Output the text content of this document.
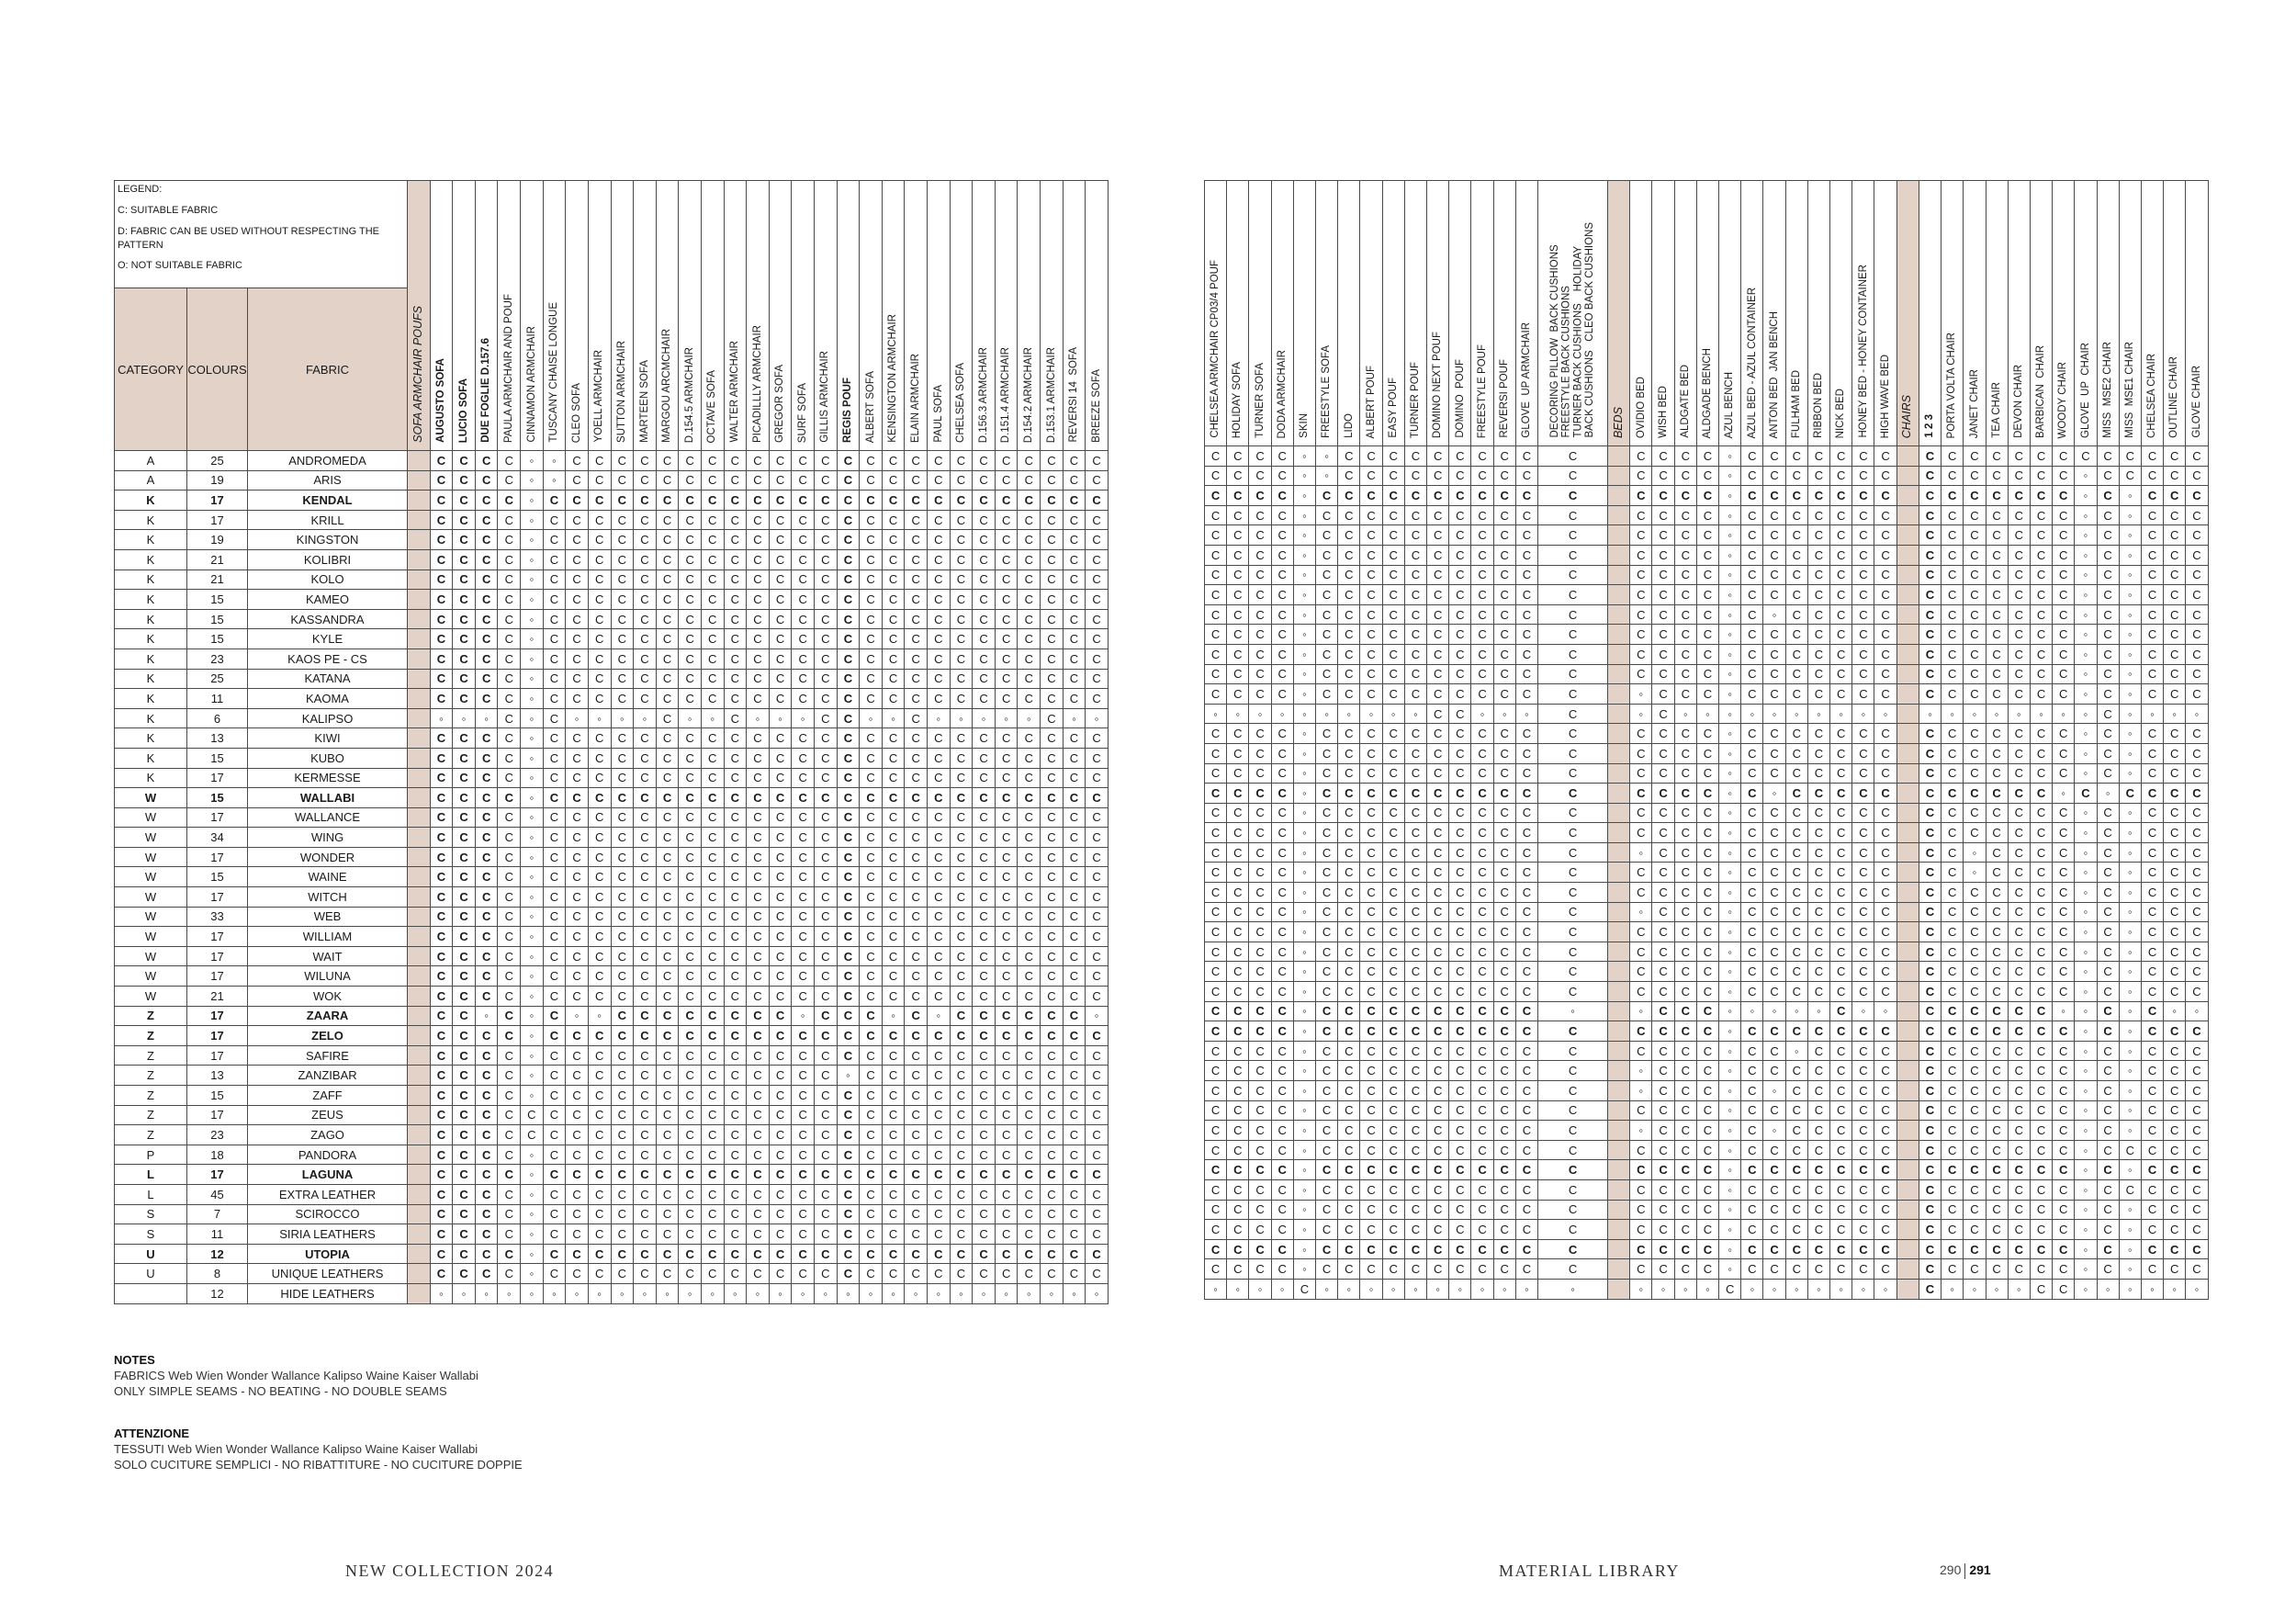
LEGEND:
C: SUITABLE FABRIC
D: FABRIC CAN BE USED WITHOUT RESPECTING THE PATTERN
O: NOT SUITABLE FABRIC			SOFA ARMCHAIR POUFS	AUGUSTO SOFA	LUCIO SOFA	DUE FOGLIE D.157.6	PAULA ARMCHAIR AND POUF	CINNAMON ARMCHAIR	TUSCANY CHAISE LONGUE	CLEO SOFA	YOELL ARMCHAIR	SUTTON ARMCHAIR	MARTEEN SOFA	MARGOU ARCMCHAIR	D.154.5 ARMCHAIR	OCTAVE SOFA	WALTER ARMCHAIR	PICADILLLY ARMCHAIR	GREGOR SOFA	SURF SOFA	GILLIS ARMCHAIR	REGIS POUF	ALBERT SOFA	KENSINGTON ARMCHAIR	ELAIN ARMCHAIR	PAUL SOFA	CHELSEA SOFA	D.156.3 ARMCHAIR	D.151.4 ARMCHAIR	D.154.2 ARMCHAIR	D.153.1 ARMCHAIR	REVERSI 14  SOFA	BREEZE SOFA
CATEGORY	COLOURS	FABRIC																															
A	25	ANDROMEDA		C	C	C	C	◦	◦	C	C	C	C	C	C	C	C	C	C	C	C	C	C	C	C	C	C	C	C	C	C	C	C
A	19	ARIS		C	C	C	C	◦	◦	C	C	C	C	C	C	C	C	C	C	C	C	C	C	C	C	C	C	C	C	C	C	C	C
K	17	KENDAL		C	C	C	C	◦	C	C	C	C	C	C	C	C	C	C	C	C	C	C	C	C	C	C	C	C	C	C	C	C	C
K	17	KRILL		C	C	C	C	◦	C	C	C	C	C	C	C	C	C	C	C	C	C	C	C	C	C	C	C	C	C	C	C	C	C
K	19	KINGSTON		C	C	C	C	◦	C	C	C	C	C	C	C	C	C	C	C	C	C	C	C	C	C	C	C	C	C	C	C	C	C
K	21	KOLIBRI		C	C	C	C	◦	C	C	C	C	C	C	C	C	C	C	C	C	C	C	C	C	C	C	C	C	C	C	C	C	C
K	21	KOLO		C	C	C	C	◦	C	C	C	C	C	C	C	C	C	C	C	C	C	C	C	C	C	C	C	C	C	C	C	C	C
K	15	KAMEO		C	C	C	C	◦	C	C	C	C	C	C	C	C	C	C	C	C	C	C	C	C	C	C	C	C	C	C	C	C	C
K	15	KASSANDRA		C	C	C	C	◦	C	C	C	C	C	C	C	C	C	C	C	C	C	C	C	C	C	C	C	C	C	C	C	C	C
K	15	KYLE		C	C	C	C	◦	C	C	C	C	C	C	C	C	C	C	C	C	C	C	C	C	C	C	C	C	C	C	C	C	C
K	23	KAOS PE - CS		C	C	C	C	◦	C	C	C	C	C	C	C	C	C	C	C	C	C	C	C	C	C	C	C	C	C	C	C	C	C
K	25	KATANA		C	C	C	C	◦	C	C	C	C	C	C	C	C	C	C	C	C	C	C	C	C	C	C	C	C	C	C	C	C	C
K	11	KAOMA		C	C	C	C	◦	C	C	C	C	C	C	C	C	C	C	C	C	C	C	C	C	C	C	C	C	C	C	C	C	C
K	6	KALIPSO		◦	◦	◦	C	◦	C	◦	◦	◦	◦	C	◦	◦	C	◦	◦	◦	C	C	◦	◦	C	◦	◦	◦	◦	◦	C	◦	◦
K	13	KIWI		C	C	C	C	◦	C	C	C	C	C	C	C	C	C	C	C	C	C	C	C	C	C	C	C	C	C	C	C	C	C
K	15	KUBO		C	C	C	C	◦	C	C	C	C	C	C	C	C	C	C	C	C	C	C	C	C	C	C	C	C	C	C	C	C	C
K	17	KERMESSE		C	C	C	C	◦	C	C	C	C	C	C	C	C	C	C	C	C	C	C	C	C	C	C	C	C	C	C	C	C	C
W	15	WALLABI		C	C	C	C	◦	C	C	C	C	C	C	C	C	C	C	C	C	C	C	C	C	C	C	C	C	C	C	C	C	C
W	17	WALLANCE		C	C	C	C	◦	C	C	C	C	C	C	C	C	C	C	C	C	C	C	C	C	C	C	C	C	C	C	C	C	C
W	34	WING		C	C	C	C	◦	C	C	C	C	C	C	C	C	C	C	C	C	C	C	C	C	C	C	C	C	C	C	C	C	C
W	17	WONDER		C	C	C	C	◦	C	C	C	C	C	C	C	C	C	C	C	C	C	C	C	C	C	C	C	C	C	C	C	C	C
W	15	WAINE		C	C	C	C	◦	C	C	C	C	C	C	C	C	C	C	C	C	C	C	C	C	C	C	C	C	C	C	C	C	C
W	17	WITCH		C	C	C	C	◦	C	C	C	C	C	C	C	C	C	C	C	C	C	C	C	C	C	C	C	C	C	C	C	C	C
W	33	WEB		C	C	C	C	◦	C	C	C	C	C	C	C	C	C	C	C	C	C	C	C	C	C	C	C	C	C	C	C	C	C
W	17	WILLIAM		C	C	C	C	◦	C	C	C	C	C	C	C	C	C	C	C	C	C	C	C	C	C	C	C	C	C	C	C	C	C
W	17	WAIT		C	C	C	C	◦	C	C	C	C	C	C	C	C	C	C	C	C	C	C	C	C	C	C	C	C	C	C	C	C	C
W	17	WILUNA		C	C	C	C	◦	C	C	C	C	C	C	C	C	C	C	C	C	C	C	C	C	C	C	C	C	C	C	C	C	C
W	21	WOK		C	C	C	C	◦	C	C	C	C	C	C	C	C	C	C	C	C	C	C	C	C	C	C	C	C	C	C	C	C	C
Z	17	ZAARA		C	C	◦	C	◦	C	◦	◦	C	C	C	C	C	C	C	C	◦	C	C	C	◦	C	◦	C	C	C	C	C	C	◦
Z	17	ZELO		C	C	C	C	◦	C	C	C	C	C	C	C	C	C	C	C	C	C	C	C	C	C	C	C	C	C	C	C	C	C
Z	17	SAFIRE		C	C	C	C	◦	C	C	C	C	C	C	C	C	C	C	C	C	C	C	C	C	C	C	C	C	C	C	C	C	C
Z	13	ZANZIBAR		C	C	C	C	◦	C	C	C	C	C	C	C	C	C	C	C	C	C	◦	C	C	C	C	C	C	C	C	C	C	C
Z	15	ZAFF		C	C	C	C	◦	C	C	C	C	C	C	C	C	C	C	C	C	C	C	C	C	C	C	C	C	C	C	C	C	C
Z	17	ZEUS		C	C	C	C	C	C	C	C	C	C	C	C	C	C	C	C	C	C	C	C	C	C	C	C	C	C	C	C	C	C
Z	23	ZAGO		C	C	C	C	C	C	C	C	C	C	C	C	C	C	C	C	C	C	C	C	C	C	C	C	C	C	C	C	C	C
P	18	PANDORA		C	C	C	C	◦	C	C	C	C	C	C	C	C	C	C	C	C	C	C	C	C	C	C	C	C	C	C	C	C	C
L	17	LAGUNA		C	C	C	C	◦	C	C	C	C	C	C	C	C	C	C	C	C	C	C	C	C	C	C	C	C	C	C	C	C	C
L	45	EXTRA LEATHER		C	C	C	C	◦	C	C	C	C	C	C	C	C	C	C	C	C	C	C	C	C	C	C	C	C	C	C	C	C	C
S	7	SCIROCCO		C	C	C	C	◦	C	C	C	C	C	C	C	C	C	C	C	C	C	C	C	C	C	C	C	C	C	C	C	C	C
S	11	SIRIA LEATHERS		C	C	C	C	◦	C	C	C	C	C	C	C	C	C	C	C	C	C	C	C	C	C	C	C	C	C	C	C	C	C
U	12	UTOPIA		C	C	C	C	◦	C	C	C	C	C	C	C	C	C	C	C	C	C	C	C	C	C	C	C	C	C	C	C	C	C
U	8	UNIQUE LEATHERS		C	C	C	C	◦	C	C	C	C	C	C	C	C	C	C	C	C	C	C	C	C	C	C	C	C	C	C	C	C	C
	12	HIDE LEATHERS		◦	◦	◦	◦	◦	◦	◦	◦	◦	◦	◦	◦	◦	◦	◦	◦	◦	◦	◦	◦	◦	◦	◦	◦	◦	◦	◦	◦	◦	◦
CHELSEA ARMCHAIR CP03/4 POUF	HOLIDAY SOFA	TURNER SOFA	DODA ARMCHAIR	SKIN	FREESTYLE SOFA	LIDO	ALBERT POUF	EASY POUF	TURNER POUF	DOMINO NEXT POUF	DOMINO  POUF	FREESTYLE POUF	REVERSI POUF	GLOVE  UP ARMCHAIR	DECORING PILLOW  BACK CUSHIONS
FREESTYLE BACK CUSHIONS
TURNER BACK CUSHIONS    HOLIDAY
BACK CUSHIONS   CLEO BACK CUSHIONS	BEDS	OVIDIO BED	WISH BED	ALDGATE BED	ALDGADE BENCH	AZUL BENCH	AZUL BED - AZUL CONTAINER	ANTON BED  JAN BENCH	FULHAM BED	RIBBON BED	NICK BED	HONEY BED - HONEY CONTAINER	HIGH WAVE BED	CHAIRS	1 2 3	PORTA VOLTA CHAIR	JANET CHAIR	TEA CHAIR	DEVON CHAIR	BARBICAN  CHAIR	WOODY CHAIR	GLOVE  UP  CHAIR	MISS  MSE2 CHAIR	MISS  MSE1 CHAIR	CHELSEA CHAIR	OUTLINE CHAIR	GLOVE CHAIR
C	C	C	C	◦	◦	C	C	C	C	C	C	C	C	C	C		C	C	C	C	◦	C	C	C	C	C	C	C		C	C	C	C	C	C	C	C	C	C	C	C	C
C	C	C	C	◦	◦	C	C	C	C	C	C	C	C	C	C		C	C	C	C	◦	C	C	C	C	C	C	C		C	C	C	C	C	C	C	◦	C	C	C	C	C
C	C	C	C	◦	C	C	C	C	C	C	C	C	C	C	C		C	C	C	C	◦	C	C	C	C	C	C	C		C	C	C	C	C	C	C	◦	C	◦	C	C	C
C	C	C	C	◦	C	C	C	C	C	C	C	C	C	C	C		C	C	C	C	◦	C	C	C	C	C	C	C		C	C	C	C	C	C	C	◦	C	◦	C	C	C
C	C	C	C	◦	C	C	C	C	C	C	C	C	C	C	C		C	C	C	C	◦	C	C	C	C	C	C	C		C	C	C	C	C	C	C	◦	C	◦	C	C	C
C	C	C	C	◦	C	C	C	C	C	C	C	C	C	C	C		C	C	C	C	◦	C	C	C	C	C	C	C		C	C	C	C	C	C	C	◦	C	◦	C	C	C
C	C	C	C	◦	C	C	C	C	C	C	C	C	C	C	C		C	C	C	C	◦	C	C	C	C	C	C	C		C	C	C	C	C	C	C	◦	C	◦	C	C	C
C	C	C	C	◦	C	C	C	C	C	C	C	C	C	C	C		C	C	C	C	◦	C	C	C	C	C	C	C		C	C	C	C	C	C	C	◦	C	◦	C	C	C
C	C	C	C	◦	C	C	C	C	C	C	C	C	C	C	C		C	C	C	C	◦	C	◦	C	C	C	C	C		C	C	C	C	C	C	C	◦	C	◦	C	C	C
C	C	C	C	◦	C	C	C	C	C	C	C	C	C	C	C		C	C	C	C	◦	C	C	C	C	C	C	C		C	C	C	C	C	C	C	◦	C	◦	C	C	C
C	C	C	C	◦	C	C	C	C	C	C	C	C	C	C	C		C	C	C	C	◦	C	C	C	C	C	C	C		C	C	C	C	C	C	C	◦	C	◦	C	C	C
C	C	C	C	◦	C	C	C	C	C	C	C	C	C	C	C		C	C	C	C	◦	C	C	C	C	C	C	C		C	C	C	C	C	C	C	◦	C	◦	C	C	C
C	C	C	C	◦	C	C	C	C	C	C	C	C	C	C	C		◦	C	C	C	◦	C	C	C	C	C	C	C		C	C	C	C	C	C	C	◦	C	◦	C	C	C
◦	◦	◦	◦	◦	◦	◦	◦	◦	◦	C	C	◦	◦	◦	C		◦	C	◦	◦	◦	◦	◦	◦	◦	◦	◦	◦		◦	◦	◦	◦	◦	◦	◦	◦	C	◦	◦	◦	◦
C	C	C	C	◦	C	C	C	C	C	C	C	C	C	C	C		C	C	C	C	◦	C	C	C	C	C	C	C		C	C	C	C	C	C	C	◦	C	◦	C	C	C
C	C	C	C	◦	C	C	C	C	C	C	C	C	C	C	C		C	C	C	C	◦	C	C	C	C	C	C	C		C	C	C	C	C	C	C	◦	C	◦	C	C	C
C	C	C	C	◦	C	C	C	C	C	C	C	C	C	C	C		C	C	C	C	◦	C	C	C	C	C	C	C		C	C	C	C	C	C	C	◦	C	◦	C	C	C
C	C	C	C	◦	C	C	C	C	C	C	C	C	C	C	C		C	C	C	C	◦	C	◦	C	C	C	C	C		C	C	C	C	C	C	◦	C	◦	C	C	C	C
C	C	C	C	◦	C	C	C	C	C	C	C	C	C	C	C		C	C	C	C	◦	C	C	C	C	C	C	C		C	C	C	C	C	C	C	◦	C	◦	C	C	C
C	C	C	C	◦	C	C	C	C	C	C	C	C	C	C	C		C	C	C	C	◦	C	C	C	C	C	C	C		C	C	C	C	C	C	C	◦	C	◦	C	C	C
C	C	C	C	◦	C	C	C	C	C	C	C	C	C	C	C		◦	C	C	C	◦	C	C	C	C	C	C	C		C	C	◦	C	C	C	C	◦	C	◦	C	C	C
C	C	C	C	◦	C	C	C	C	C	C	C	C	C	C	C		C	C	C	C	◦	C	C	C	C	C	C	C		C	C	◦	C	C	C	C	◦	C	◦	C	C	C
C	C	C	C	◦	C	C	C	C	C	C	C	C	C	C	C		C	C	C	C	◦	C	C	C	C	C	C	C		C	C	C	C	C	C	C	◦	C	◦	C	C	C
C	C	C	C	◦	C	C	C	C	C	C	C	C	C	C	C		◦	C	C	C	◦	C	C	C	C	C	C	C		C	C	C	C	C	C	C	◦	C	◦	C	C	C
C	C	C	C	◦	C	C	C	C	C	C	C	C	C	C	C		C	C	C	C	◦	C	C	C	C	C	C	C		C	C	C	C	C	C	C	◦	C	◦	C	C	C
C	C	C	C	◦	C	C	C	C	C	C	C	C	C	C	C		C	C	C	C	◦	C	C	C	C	C	C	C		C	C	C	C	C	C	C	◦	C	◦	C	C	C
C	C	C	C	◦	C	C	C	C	C	C	C	C	C	C	C		C	C	C	C	◦	C	C	C	C	C	C	C		C	C	C	C	C	C	C	◦	C	◦	C	C	C
C	C	C	C	◦	C	C	C	C	C	C	C	C	C	C	C		C	C	C	C	◦	C	C	C	C	C	C	C		C	C	C	C	C	C	C	◦	C	◦	C	C	C
C	C	C	C	◦	C	C	C	C	C	C	C	C	C	C	◦		◦	C	C	C	◦	◦	◦	◦	◦	C	◦	◦		C	C	C	C	C	C	◦	◦	C	◦	C	◦	◦
C	C	C	C	◦	C	C	C	C	C	C	C	C	C	C	C		C	C	C	C	◦	C	C	C	C	C	C	C		C	C	C	C	C	C	C	◦	C	◦	C	C	C
C	C	C	C	◦	C	C	C	C	C	C	C	C	C	C	C		C	C	C	C	◦	C	C	◦	C	C	C	C		C	C	C	C	C	C	C	◦	C	◦	C	C	C
C	C	C	C	◦	C	C	C	C	C	C	C	C	C	C	C		◦	C	C	C	◦	C	C	C	C	C	C	C		C	C	C	C	C	C	C	◦	C	◦	C	C	C
C	C	C	C	◦	C	C	C	C	C	C	C	C	C	C	C		◦	C	C	C	◦	C	◦	C	C	C	C	C		C	C	C	C	C	C	C	◦	C	◦	C	C	C
C	C	C	C	◦	C	C	C	C	C	C	C	C	C	C	C		C	C	C	C	◦	C	C	C	C	C	C	C		C	C	C	C	C	C	C	◦	C	◦	C	C	C
C	C	C	C	◦	C	C	C	C	C	C	C	C	C	C	C		◦	C	C	C	◦	C	◦	C	C	C	C	C		C	C	C	C	C	C	C	◦	C	◦	C	C	C
C	C	C	C	◦	C	C	C	C	C	C	C	C	C	C	C		C	C	C	C	◦	C	C	C	C	C	C	C		C	C	C	C	C	C	C	◦	C	C	C	C	C
C	C	C	C	◦	C	C	C	C	C	C	C	C	C	C	C		C	C	C	C	◦	C	C	C	C	C	C	C		C	C	C	C	C	C	C	◦	C	◦	C	C	C
C	C	C	C	◦	C	C	C	C	C	C	C	C	C	C	C		C	C	C	C	◦	C	C	C	C	C	C	C		C	C	C	C	C	C	C	◦	C	C	C	C	C
C	C	C	C	◦	C	C	C	C	C	C	C	C	C	C	C		C	C	C	C	◦	C	C	C	C	C	C	C		C	C	C	C	C	C	C	◦	C	◦	C	C	C
C	C	C	C	◦	C	C	C	C	C	C	C	C	C	C	C		C	C	C	C	◦	C	C	C	C	C	C	C		C	C	C	C	C	C	C	◦	C	◦	C	C	C
C	C	C	C	◦	C	C	C	C	C	C	C	C	C	C	C		C	C	C	C	◦	C	C	C	C	C	C	C		C	C	C	C	C	C	C	◦	C	◦	C	C	C
C	C	C	C	◦	C	C	C	C	C	C	C	C	C	C	C		C	C	C	C	◦	C	C	C	C	C	C	C		C	C	C	C	C	C	C	◦	C	◦	C	C	C
◦	◦	◦	◦	C	◦	◦	◦	◦	◦	◦	◦	◦	◦	◦	◦		◦	◦	◦	◦	C	◦	◦	◦	◦	◦	◦	◦		C	◦	◦	◦	◦	C	C	◦	◦	◦	◦	◦	◦
NOTES
FABRICS Web Wien Wonder Wallance Kalipso Waine Kaiser Wallabi
ONLY SIMPLE SEAMS - NO BEATING - NO DOUBLE SEAMS
ATTENZIONE
TESSUTI Web Wien Wonder Wallance Kalipso Waine Kaiser Wallabi
SOLO CUCITURE SEMPLICI - NO RIBATTITURE - NO CUCITURE DOPPIE
NEW COLLECTION 2024	MATERIAL LIBRARY	290 291
